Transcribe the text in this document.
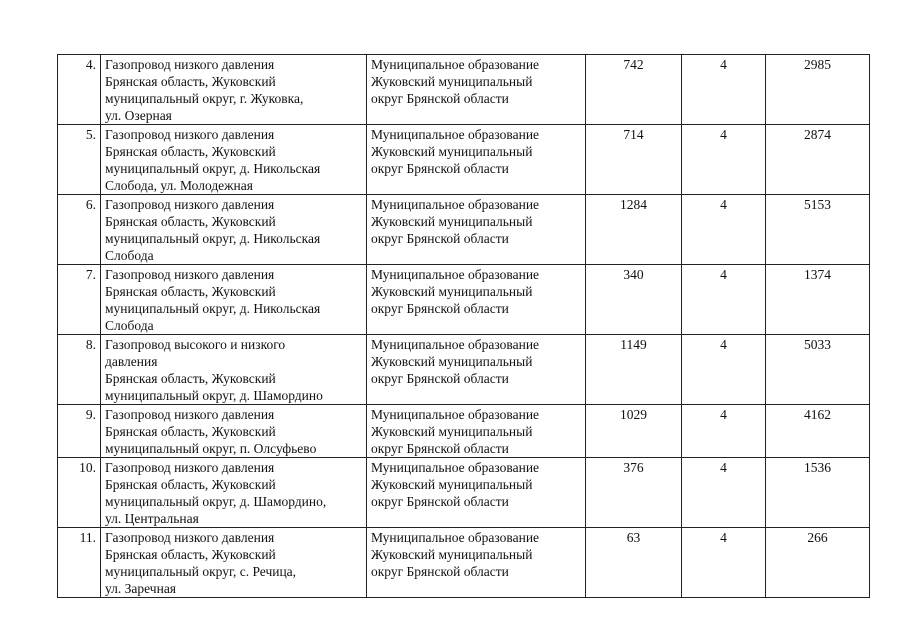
4.	Газопровод низкого давления
Брянская область, Жуковский
муниципальный округ, г. Жуковка,
ул. Озерная	Муниципальное образование
Жуковский муниципальный
округ Брянской области	742	4	2985
5.	Газопровод низкого давления
Брянская область, Жуковский
муниципальный округ, д. Никольская
Слобода, ул. Молодежная	Муниципальное образование
Жуковский муниципальный
округ Брянской области	714	4	2874
6.	Газопровод низкого давления
Брянская область, Жуковский
муниципальный округ, д. Никольская
Слобода	Муниципальное образование
Жуковский муниципальный
округ Брянской области	1284	4	5153
7.	Газопровод низкого давления
Брянская область, Жуковский
муниципальный округ, д. Никольская
Слобода	Муниципальное образование
Жуковский муниципальный
округ Брянской области	340	4	1374
8.	Газопровод высокого и низкого
давления
Брянская область, Жуковский
муниципальный округ, д. Шамордино	Муниципальное образование
Жуковский муниципальный
округ Брянской области	1149	4	5033
9.	Газопровод низкого давления
Брянская область, Жуковский
муниципальный округ, п. Олсуфьево	Муниципальное образование
Жуковский муниципальный
округ Брянской области	1029	4	4162
10.	Газопровод низкого давления
Брянская область, Жуковский
муниципальный округ, д. Шамордино,
ул. Центральная	Муниципальное образование
Жуковский муниципальный
округ Брянской области	376	4	1536
11.	Газопровод низкого давления
Брянская область, Жуковский
муниципальный округ, с. Речица,
ул. Заречная	Муниципальное образование
Жуковский муниципальный
округ Брянской области	63	4	266
